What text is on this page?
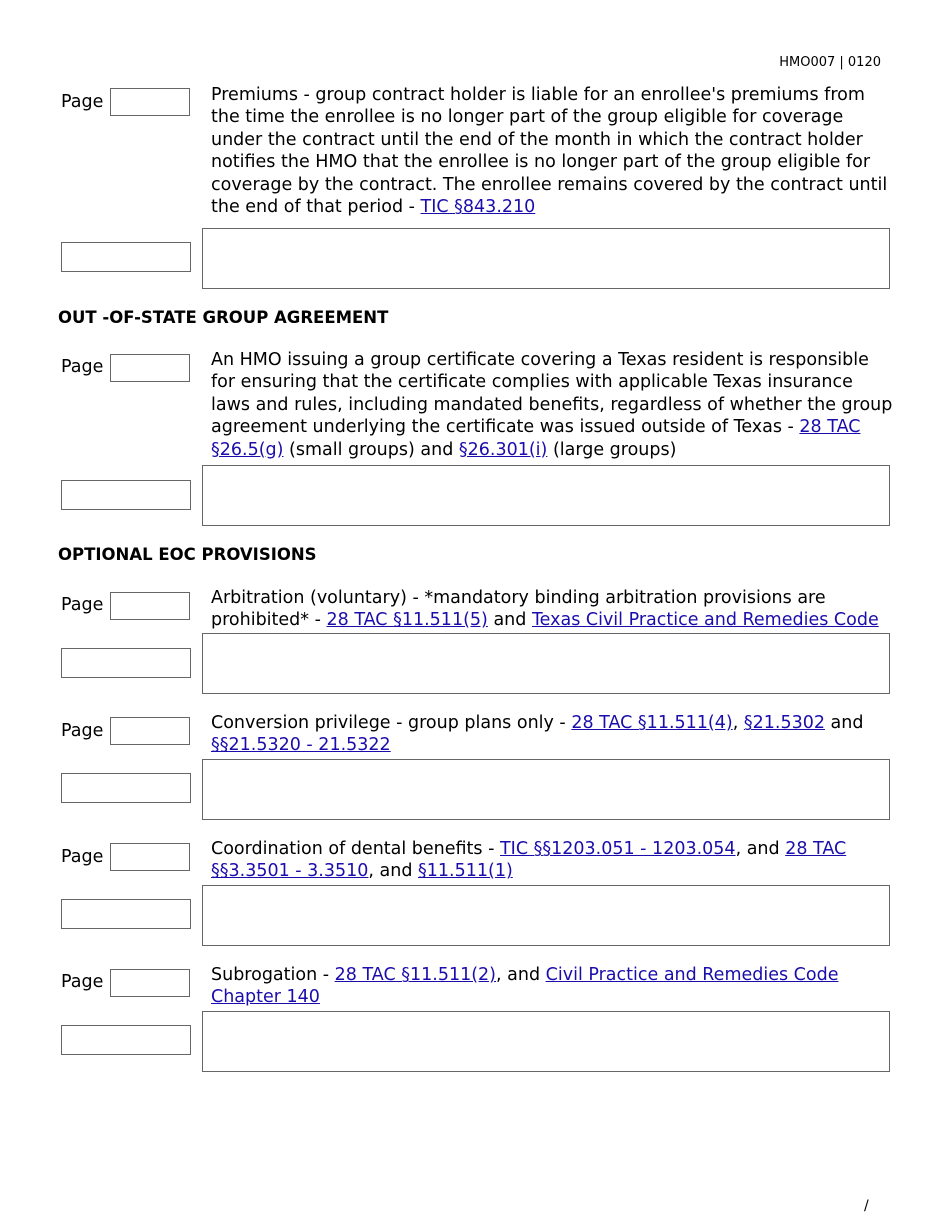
HMO007 | 0120
Page	Premiums - group contract holder is liable for an enrollee's premiums from the time the enrollee is no longer part of the group eligible for coverage under the contract until the end of the month in which the contract holder notifies the HMO that the enrollee is no longer part of the group eligible for coverage by the contract. The enrollee remains covered by the contract until the end of that period - TIC §843.210
OUT -OF-STATE GROUP AGREEMENT
Page	An HMO issuing a group certificate covering a Texas resident is responsible for ensuring that the certificate complies with applicable Texas insurance laws and rules, including mandated benefits, regardless of whether the group agreement underlying the certificate was issued outside of Texas - 28 TAC §26.5(g) (small groups) and §26.301(i) (large groups)
OPTIONAL EOC PROVISIONS
Page	Arbitration (voluntary) - *mandatory binding arbitration provisions are prohibited* - 28 TAC §11.511(5) and Texas Civil Practice and Remedies Code
Page	Conversion privilege - group plans only - 28 TAC §11.511(4), §21.5302 and §§21.5320 - 21.5322
Page	Coordination of dental benefits - TIC §§1203.051 - 1203.054, and 28 TAC §§3.3501 - 3.3510, and §11.511(1)
Page	Subrogation - 28 TAC §11.511(2), and Civil Practice and Remedies Code Chapter 140
/
